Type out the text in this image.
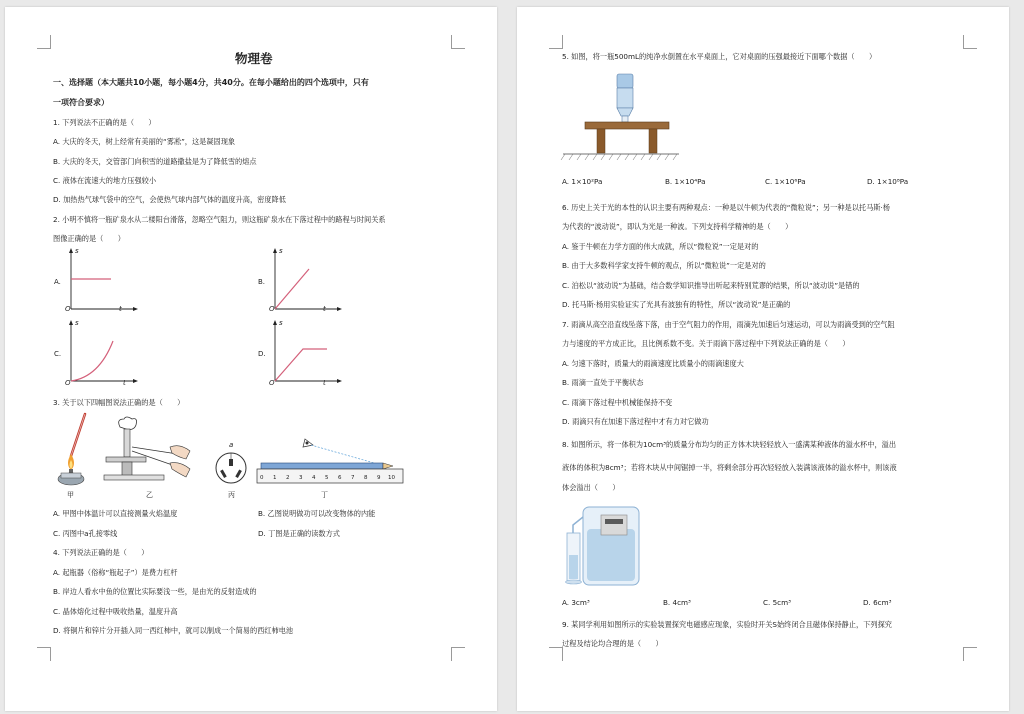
物理卷
一、选择题（本大题共10小题，每小题4分，共40分。在每小题给出的四个选项中，只有
一项符合要求）
1. 下列说法不正确的是（　　）
A. 大庆的冬天，树上经常有美丽的“雾凇”，这是凝固现象
B. 大庆的冬天，交管部门向积雪的道路撒盐是为了降低雪的熔点
C. 液体在流速大的地方压强较小
D. 加热热气球气袋中的空气，会使热气球内部气体的温度升高，密度降低
2. 小明不慎将一瓶矿泉水从二楼阳台滑落，忽略空气阻力，则这瓶矿泉水在下落过程中的路程与时间关系
图像正确的是（　　）
A.
s
O	t
B.
s
O	t
C.
s
O	t
D.
s
O	t
3. 关于以下四幅图说法正确的是（　　）
甲	乙
a
丙
0 1 2 3 4 5 6 7 8 9 10
丁
A. 甲图中体温计可以直接测量火焰温度	B. 乙图说明做功可以改变物体的内能
C. 丙图中a孔接零线	D. 丁图是正确的读数方式
4. 下列说法正确的是（　　）
A. 起瓶器（俗称“瓶起子”）是费力杠杆
B. 岸边人看水中鱼的位置比实际要浅一些，是由光的反射造成的
C. 晶体熔化过程中吸收热量，温度升高
D. 将铜片和锌片分开插入同一西红柿中，就可以制成一个简易的西红柿电池
5. 如图，将一瓶500mL的纯净水倒置在水平桌面上，它对桌面的压强最接近下面哪个数据（　　）
A. 1×10²Pa	B. 1×10⁴Pa	C. 1×10⁶Pa	D. 1×10⁸Pa
6. 历史上关于光的本性的认识主要有两种观点：一种是以牛顿为代表的“微粒说”；另一种是以托马斯·杨
为代表的“波动说”，即认为光是一种波。下列支持科学精神的是（　　）
A. 鉴于牛顿在力学方面的伟大成就，所以“微粒说”一定是对的
B. 由于大多数科学家支持牛顿的观点，所以“微粒说”一定是对的
C. 泊松以“波动说”为基础，结合数学知识推导出听起来特别荒谬的结果，所以“波动说”是错的
D. 托马斯·杨用实验证实了光具有波独有的特性，所以“波动说”是正确的
7. 雨滴从高空沿直线坠落下落，由于空气阻力的作用，雨滴先加速后匀速运动，可以为雨滴受到的空气阻
力与速度的平方成正比，且比例系数不变。关于雨滴下落过程中下列说法正确的是（　　）
A. 匀速下落时，质量大的雨滴速度比质量小的雨滴速度大
B. 雨滴一直处于平衡状态
C. 雨滴下落过程中机械能保持不变
D. 雨滴只有在加速下落过程中才有力对它做功
8. 如图所示，将一体积为10cm³的质量分布均匀的正方体木块轻轻放入一盛满某种液体的溢水杯中，溢出
液体的体积为8cm³；若将木块从中间锯掉一半，将剩余部分再次轻轻放入装满该液体的溢水杯中，则该液
体会溢出（　　）
A. 3cm³	B. 4cm³	C. 5cm³	D. 6cm³
9. 某同学利用如图所示的实验装置探究电磁感应现象，实验时开关S始终闭合且磁体保持静止，下列探究
过程及结论均合理的是（　　）
